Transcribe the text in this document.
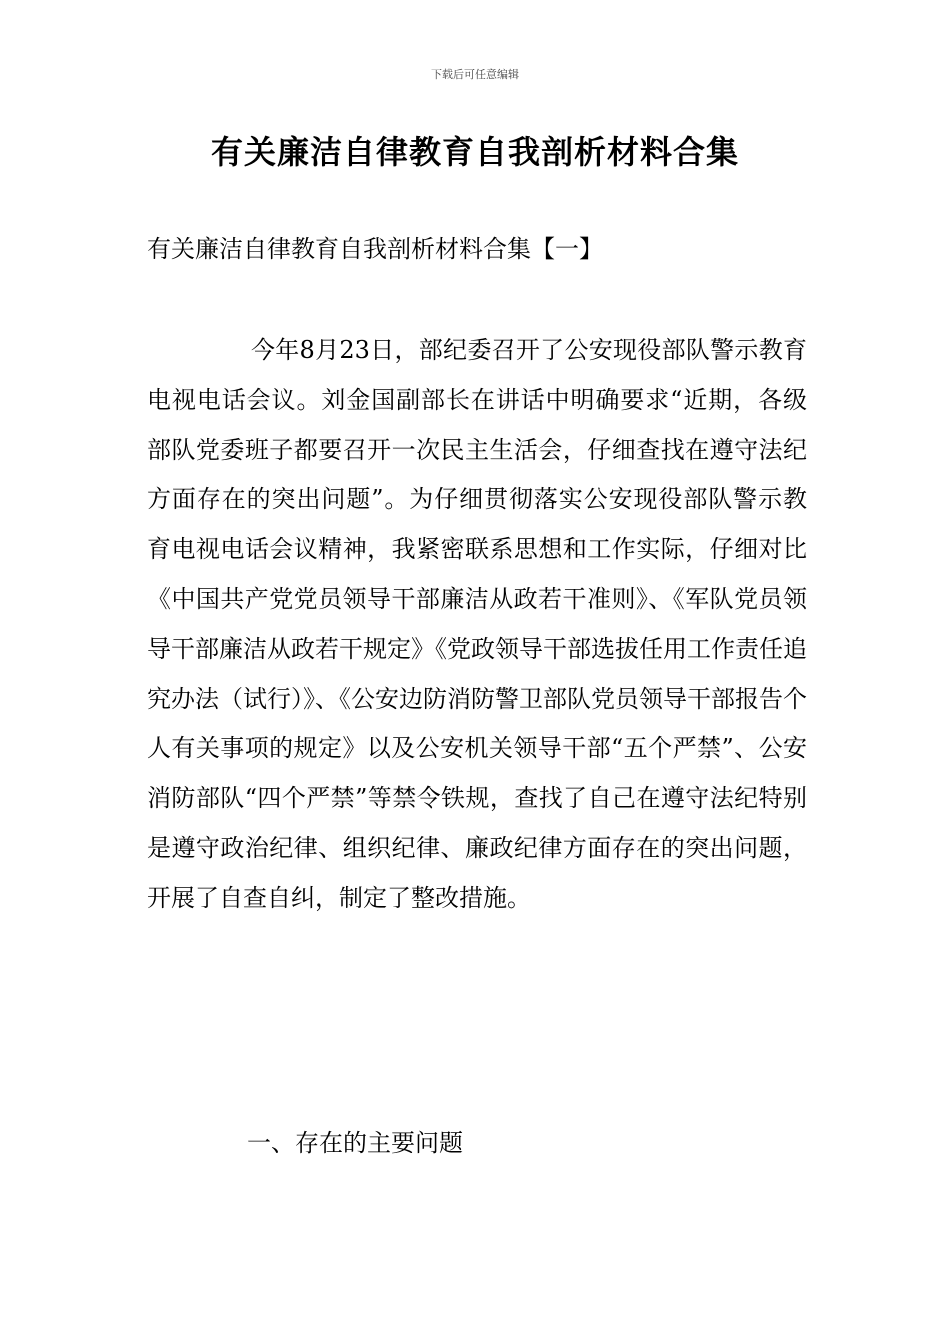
下载后可任意编辑
有关廉洁自律教育自我剖析材料合集

有关廉洁自律教育自我剖析材料合集【一】

今年8月23日，部纪委召开了公安现役部队警示教育电视电话会议。刘金国副部长在讲话中明确要求“近期，各级部队党委班子都要召开一次民主生活会，仔细查找在遵守法纪方面存在的突出问题”。为仔细贯彻落实公安现役部队警示教育电视电话会议精神，我紧密联系思想和工作实际，仔细对比《中国共产党党员领导干部廉洁从政若干准则》、《军队党员领导干部廉洁从政若干规定》《党政领导干部选拔任用工作责任追究办法（试行）》、《公安边防消防警卫部队党员领导干部报告个人有关事项的规定》以及公安机关领导干部“五个严禁”、公安消防部队“四个严禁”等禁令铁规，查找了自己在遵守法纪特别是遵守政治纪律、组织纪律、廉政纪律方面存在的突出问题，开展了自查自纠，制定了整改措施。

一、存在的主要问题
